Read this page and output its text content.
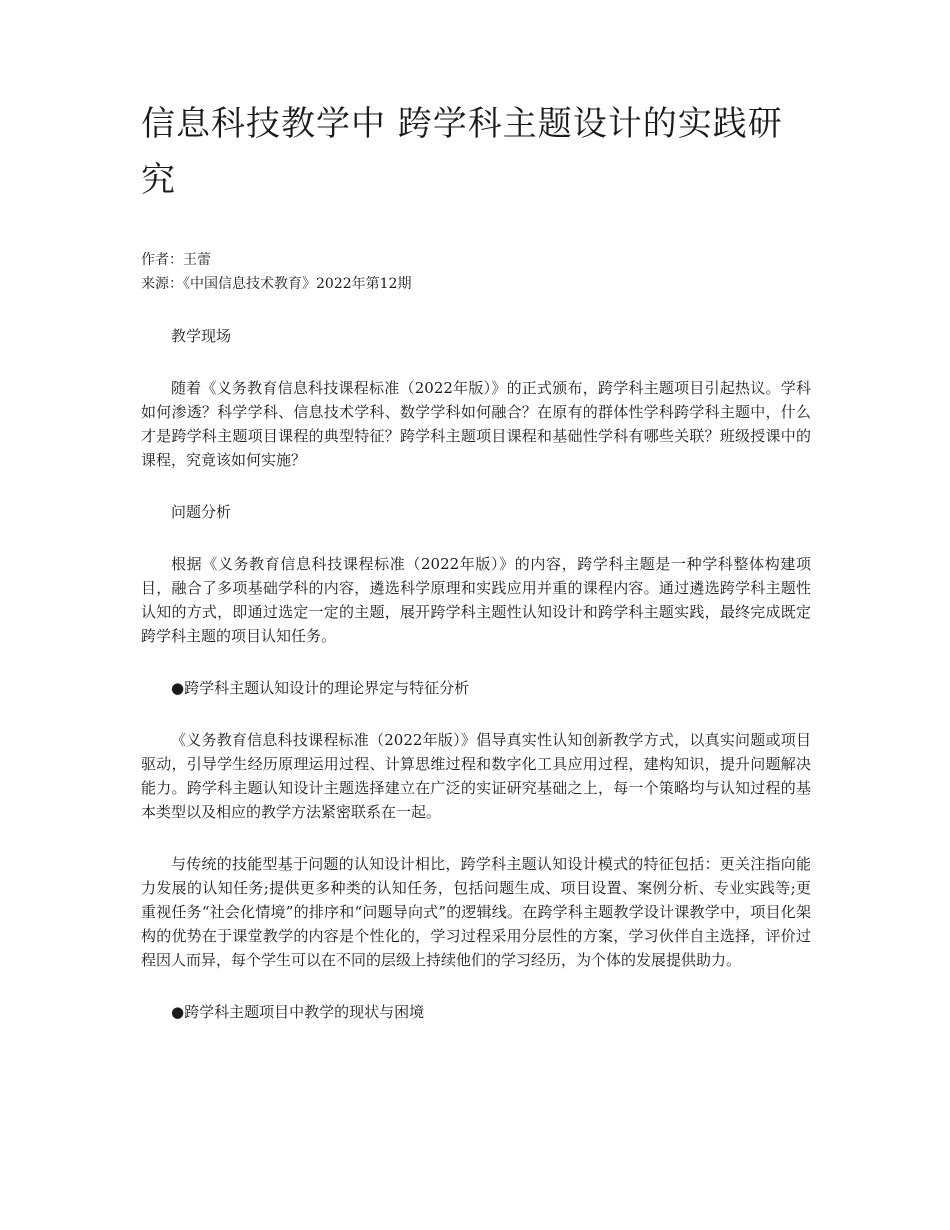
信息科技教学中 跨学科主题设计的实践研究
作者：王蕾
来源：《中国信息技术教育》2022年第12期

教学现场

随着《义务教育信息科技课程标准（2022年版）》的正式颁布，跨学科主题项目引起热议。学科如何渗透？科学学科、信息技术学科、数学学科如何融合？在原有的群体性学科跨学科主题中，什么才是跨学科主题项目课程的典型特征？跨学科主题项目课程和基础性学科有哪些关联？班级授课中的课程，究竟该如何实施？

问题分析

根据《义务教育信息科技课程标准（2022年版）》的内容，跨学科主题是一种学科整体构建项目，融合了多项基础学科的内容，遴选科学原理和实践应用并重的课程内容。通过遴选跨学科主题性认知的方式，即通过选定一定的主题，展开跨学科主题性认知设计和跨学科主题实践，最终完成既定跨学科主题的项目认知任务。

●跨学科主题认知设计的理论界定与特征分析

《义务教育信息科技课程标准（2022年版）》倡导真实性认知创新教学方式，以真实问题或项目驱动，引导学生经历原理运用过程、计算思维过程和数字化工具应用过程，建构知识，提升问题解决能力。跨学科主题认知设计主题选择建立在广泛的实证研究基础之上，每一个策略均与认知过程的基本类型以及相应的教学方法紧密联系在一起。

与传统的技能型基于问题的认知设计相比，跨学科主题认知设计模式的特征包括：更关注指向能力发展的认知任务;提供更多种类的认知任务，包括问题生成、项目设置、案例分析、专业实践等;更重视任务“社会化情境”的排序和“问题导向式”的逻辑线。在跨学科主题教学设计课教学中，项目化架构的优势在于课堂教学的内容是个性化的，学习过程采用分层性的方案，学习伙伴自主选择，评价过程因人而异，每个学生可以在不同的层级上持续他们的学习经历，为个体的发展提供助力。

●跨学科主题项目中教学的现状与困境
